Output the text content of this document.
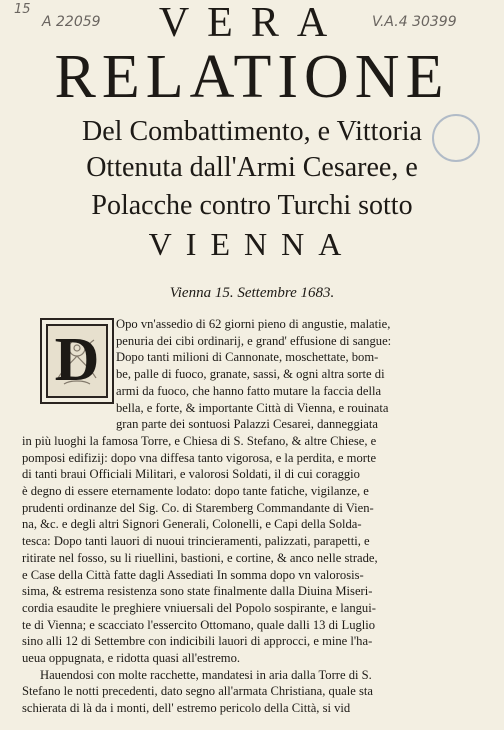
15
A 22059	V.A.4 30399
VERA
RELATIONE
Del Combattimento, e Vittoria
Ottenuta dall'Armi Cesaree, e
Polacche contro Turchi sotto
VIENNA
Vienna 15. Settembre 1683.
D
Opo vn'assedio di 62 giorni pieno di angustie, malatie,
penuria dei cibi ordinarij, e grand' effusione di sangue:
Dopo tanti milioni di Cannonate, moschettate, bom-
be, palle di fuoco, granate, sassi, & ogni altra sorte di
armi da fuoco, che hanno fatto mutare la faccia della
bella, e forte, & importante Città di Vienna, e rouinata
gran parte dei sontuosi Palazzi Cesarei, danneggiata
in più luoghi la famosa Torre, e Chiesa di S. Stefano, & altre Chiese, e
pomposi edifizij: dopo vna diffesa tanto vigorosa, e la perdita, e morte
di tanti braui Officiali Militari, e valorosi Soldati, il di cui coraggio
è degno di essere eternamente lodato: dopo tante fatiche, vigilanze, e
prudenti ordinanze del Sig. Co. di Staremberg Commandante di Vien-
na, &c. e degli altri Signori Generali, Colonelli, e Capi della Solda-
tesca: Dopo tanti lauori di nuoui trincieramenti, palizzati, parapetti, e
ritirate nel fosso, su li riuellini, bastioni, e cortine, & anco nelle strade,
e Case della Città fatte dagli Assediati In somma dopo vn valorosis-
sima, & estrema resistenza sono state finalmente dalla Diuina Miseri-
cordia esaudite le preghiere vniuersali del Popolo sospirante, e langui-
te di Vienna; e scacciato l'essercito Ottomano, quale dalli 13 di Luglio
sino alli 12 di Settembre con indicibili lauori di approcci, e mine l'ha-
ueua oppugnata, e ridotta quasi all'estremo.
Hauendosi con molte racchette, mandatesi in aria dalla Torre di S.
Stefano le notti precedenti, dato segno all'armata Christiana, quale sta
schierata di là da i monti, dell' estremo pericolo della Città, si vid
